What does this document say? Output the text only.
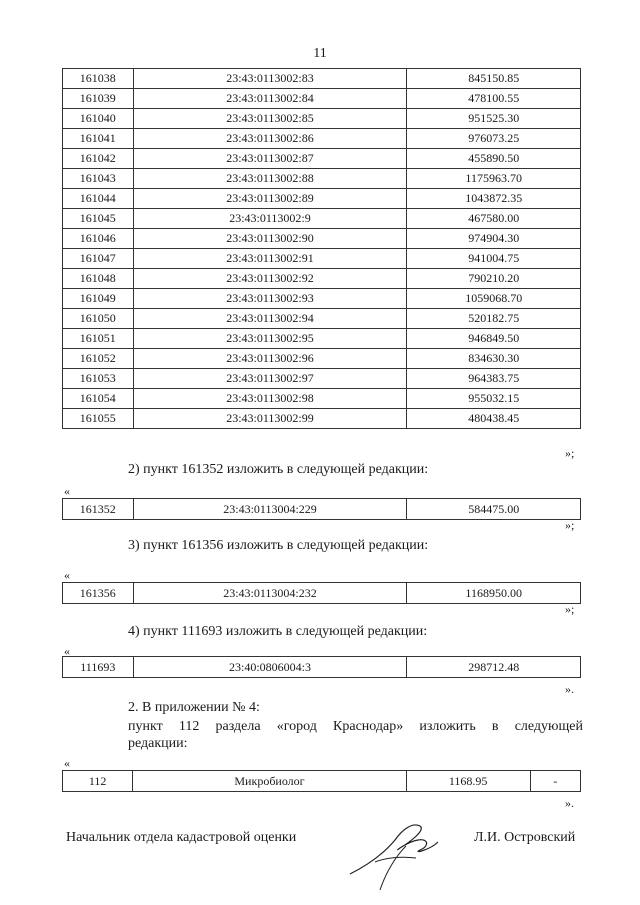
11
161038	23:43:0113002:83	845150.85
161039	23:43:0113002:84	478100.55
161040	23:43:0113002:85	951525.30
161041	23:43:0113002:86	976073.25
161042	23:43:0113002:87	455890.50
161043	23:43:0113002:88	1175963.70
161044	23:43:0113002:89	1043872.35
161045	23:43:0113002:9	467580.00
161046	23:43:0113002:90	974904.30
161047	23:43:0113002:91	941004.75
161048	23:43:0113002:92	790210.20
161049	23:43:0113002:93	1059068.70
161050	23:43:0113002:94	520182.75
161051	23:43:0113002:95	946849.50
161052	23:43:0113002:96	834630.30
161053	23:43:0113002:97	964383.75
161054	23:43:0113002:98	955032.15
161055	23:43:0113002:99	480438.45
»;
2) пункт 161352 изложить в следующей редакции:
«
161352	23:43:0113004:229	584475.00
»;
3) пункт 161356 изложить в следующей редакции:
«
161356	23:43:0113004:232	1168950.00
»;
4) пункт 111693 изложить в следующей редакции:
«
111693	23:40:0806004:3	298712.48
».
2. В приложении № 4:
пункт 112 раздела «город Краснодар» изложить в следующей
редакции:
«
112	Микробиолог	1168.95	-
».
Начальник отдела кадастровой оценки	Л.И. Островский
